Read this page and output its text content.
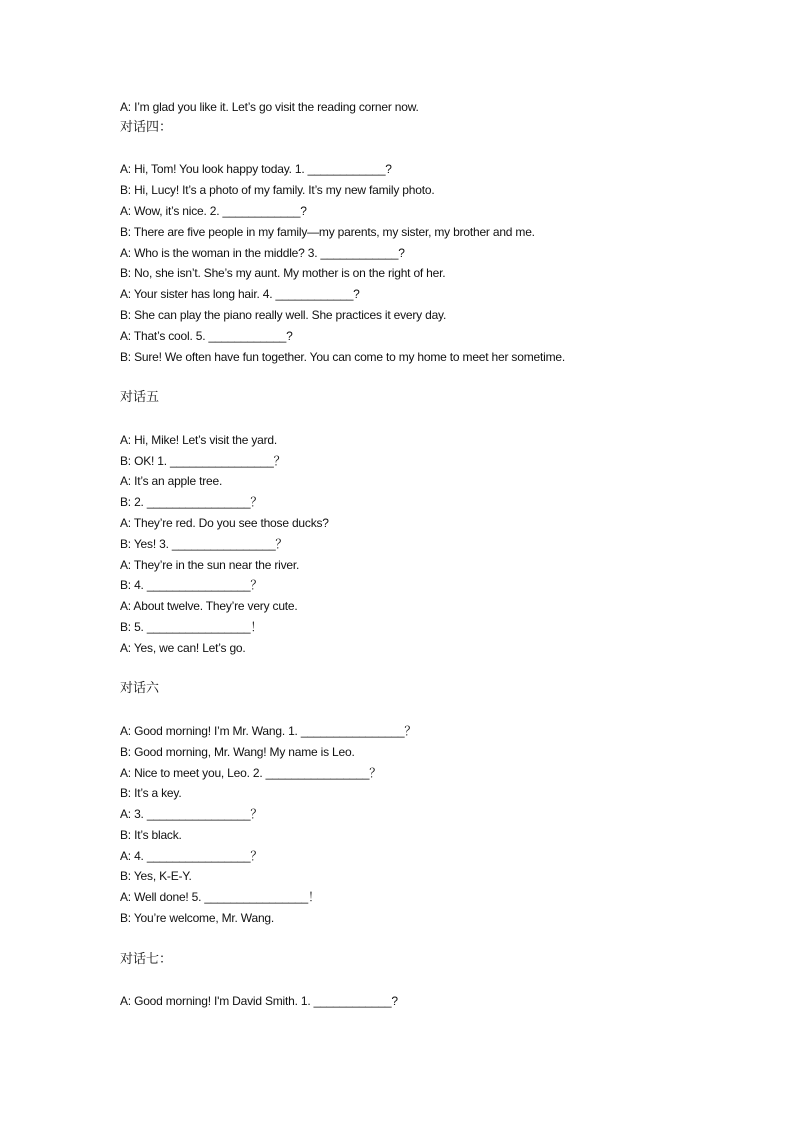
A: I’m glad you like it. Let’s go visit the reading corner now.
对话四：
A: Hi, Tom! You look happy today. 1. ____________?
B: Hi, Lucy! It’s a photo of my family. It’s my new family photo.
A: Wow, it’s nice. 2. ____________?
B: There are five people in my family—my parents, my sister, my brother and me.
A: Who is the woman in the middle? 3. ____________?
B: No, she isn’t. She’s my aunt. My mother is on the right of her.
A: Your sister has long hair. 4. ____________?
B: She can play the piano really well. She practices it every day.
A: That’s cool. 5. ____________?
B: Sure! We often have fun together. You can come to my home to meet her sometime.
对话五
A: Hi, Mike! Let’s visit the yard.
B: OK! 1. ________________？
A: It’s an apple tree.
B: 2. ________________？
A: They’re red. Do you see those ducks?
B: Yes! 3. ________________？
A: They’re in the sun near the river.
B: 4. ________________？
A: About twelve. They’re very cute.
B: 5. ________________！
A: Yes, we can! Let’s go.
对话六
A: Good morning! I’m Mr. Wang. 1. ________________？
B: Good morning, Mr. Wang! My name is Leo.
A: Nice to meet you, Leo. 2. ________________？
B: It’s a key.
A: 3. ________________？
B: It’s black.
A: 4. ________________？
B: Yes, K-E-Y.
A: Well done! 5. ________________！
B: You’re welcome, Mr. Wang.
对话七：
A: Good morning! I'm David Smith. 1. ____________?
